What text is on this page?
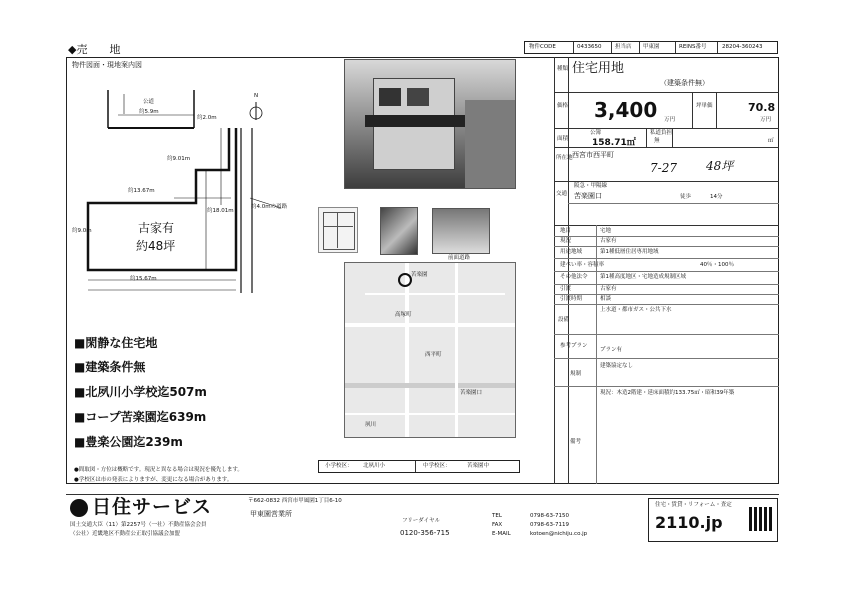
◆売　　地	物件CODE	0433650 担当店 甲東園	REINS番号	28204-360243
物件図面・現地案内図
公道
約5.9m
N
約2.0m
約9.01m
約13.67m
約18.01m
約4.0mの道路
約9.0m	古家有
約48坪
約15.67m
■閑静な住宅地
■建築条件無
■北夙川小学校迄507m
■コープ苦楽園迄639m
■豊楽公園迄239m
●間取図・方位は概略です。現況と異なる場合は現況を優先します。
●学校区は市の発表によりますが、変更になる場合があります。
前面道路
苦楽園
高塚町
西平町
苦楽園口
夙川
小学校区： 北夙川小	中学校区：	苦楽園中
種類 住宅用地
（建築条件無）
価格 3,400 万円
坪単価	70.8
万円
面積
公簿
158.71㎡
私道負担
無	㎡
所在地 西宮市西平町
7-27 48坪
交通
阪急・甲陽線
苦楽園口	徒歩	14分
地目	宅地
現況	古家有
用途地域	第1種低層住居専用地域
建ぺい率・容積率	40％・100％
その他法令 第1種高度地区・宅地造成規制区域
引渡	古家有
引渡時期	相談
設備
上水道・都市ガス・公共下水
参考プラン
プラン有
規制
建築協定なし
備考
現況：木造2階建・延床面積約133.75㎡・昭和39年築
日住サービス	〒662-0832 西宮市甲風園1丁目6-10
甲東園営業所
国土交通大臣（11）第2257号（一社）不動産協会会員
（公社）近畿地区不動産公正取引協議会加盟
フリーダイヤル
0120-356-715
TEL	0798-63-7150
FAX	0798-63-7119
E-MAIL	kotoen@nichiju.co.jp
住宅・賃貸・リフォーム・査定
2110.jp
